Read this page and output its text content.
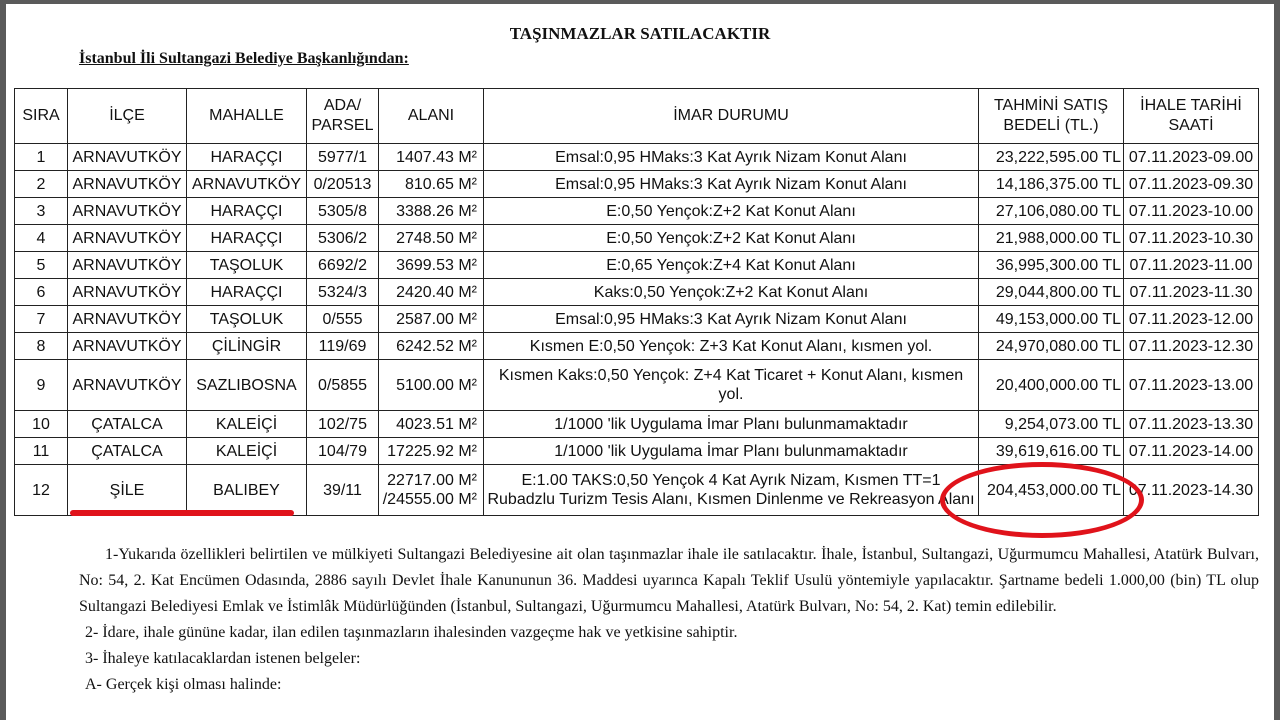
TAŞINMAZLAR SATILACAKTIR
İstanbul İli Sultangazi Belediye Başkanlığından:
SIRA	İLÇE	MAHALLE	ADA/ PARSEL	ALANI	İMAR DURUMU	TAHMİNİ SATIŞ BEDELİ (TL.)	İHALE TARİHİ SAATİ
1	ARNAVUTKÖY	HARAÇÇI	5977/1	1407.43 M²	Emsal:0,95 HMaks:3 Kat Ayrık Nizam Konut Alanı	23,222,595.00 TL	07.11.2023-09.00
2	ARNAVUTKÖY	ARNAVUTKÖY	0/20513	810.65 M²	Emsal:0,95 HMaks:3 Kat Ayrık Nizam Konut Alanı	14,186,375.00 TL	07.11.2023-09.30
3	ARNAVUTKÖY	HARAÇÇI	5305/8	3388.26 M²	E:0,50 Yençok:Z+2 Kat Konut Alanı	27,106,080.00 TL	07.11.2023-10.00
4	ARNAVUTKÖY	HARAÇÇI	5306/2	2748.50 M²	E:0,50 Yençok:Z+2 Kat Konut Alanı	21,988,000.00 TL	07.11.2023-10.30
5	ARNAVUTKÖY	TAŞOLUK	6692/2	3699.53 M²	E:0,65 Yençok:Z+4 Kat Konut Alanı	36,995,300.00 TL	07.11.2023-11.00
6	ARNAVUTKÖY	HARAÇÇI	5324/3	2420.40 M²	Kaks:0,50 Yençok:Z+2 Kat Konut Alanı	29,044,800.00 TL	07.11.2023-11.30
7	ARNAVUTKÖY	TAŞOLUK	0/555	2587.00 M²	Emsal:0,95 HMaks:3 Kat Ayrık Nizam Konut Alanı	49,153,000.00 TL	07.11.2023-12.00
8	ARNAVUTKÖY	ÇİLİNGİR	119/69	6242.52 M²	Kısmen E:0,50 Yençok: Z+3 Kat Konut Alanı, kısmen yol.	24,970,080.00 TL	07.11.2023-12.30
9	ARNAVUTKÖY	SAZLIBOSNA	0/5855	5100.00 M²	Kısmen Kaks:0,50 Yençok: Z+4 Kat Ticaret + Konut Alanı, kısmen yol.	20,400,000.00 TL	07.11.2023-13.00
10	ÇATALCA	KALEİÇİ	102/75	4023.51 M²	1/1000 'lik Uygulama İmar Planı bulunmamaktadır	9,254,073.00 TL	07.11.2023-13.30
11	ÇATALCA	KALEİÇİ	104/79	17225.92 M²	1/1000 'lik Uygulama İmar Planı bulunmamaktadır	39,619,616.00 TL	07.11.2023-14.00
12	ŞİLE	BALIBEY	39/11	22717.00 M² /24555.00 M²	E:1.00 TAKS:0,50 Yençok 4 Kat Ayrık Nizam, Kısmen TT=1 Rubadzlu Turizm Tesis Alanı, Kısmen Dinlenme ve Rekreasyon Alanı	204,453,000.00 TL	07.11.2023-14.30

1-Yukarıda özellikleri belirtilen ve mülkiyeti Sultangazi Belediyesine ait olan taşınmazlar ihale ile satılacaktır. İhale, İstanbul, Sultangazi, Uğurmumcu Mahallesi, Atatürk Bulvarı, No: 54, 2. Kat Encümen Odasında, 2886 sayılı Devlet İhale Kanununun 36. Maddesi uyarınca Kapalı Teklif Usulü yöntemiyle yapılacaktır. Şartname bedeli 1.000,00 (bin) TL olup Sultangazi Belediyesi Emlak ve İstimlâk Müdürlüğünden (İstanbul, Sultangazi, Uğurmumcu Mahallesi, Atatürk Bulvarı, No: 54, 2. Kat) temin edilebilir.

2- İdare, ihale gününe kadar, ilan edilen taşınmazların ihalesinden vazgeçme hak ve yetkisine sahiptir.

3- İhaleye katılacaklardan istenen belgeler:

A- Gerçek kişi olması halinde:
